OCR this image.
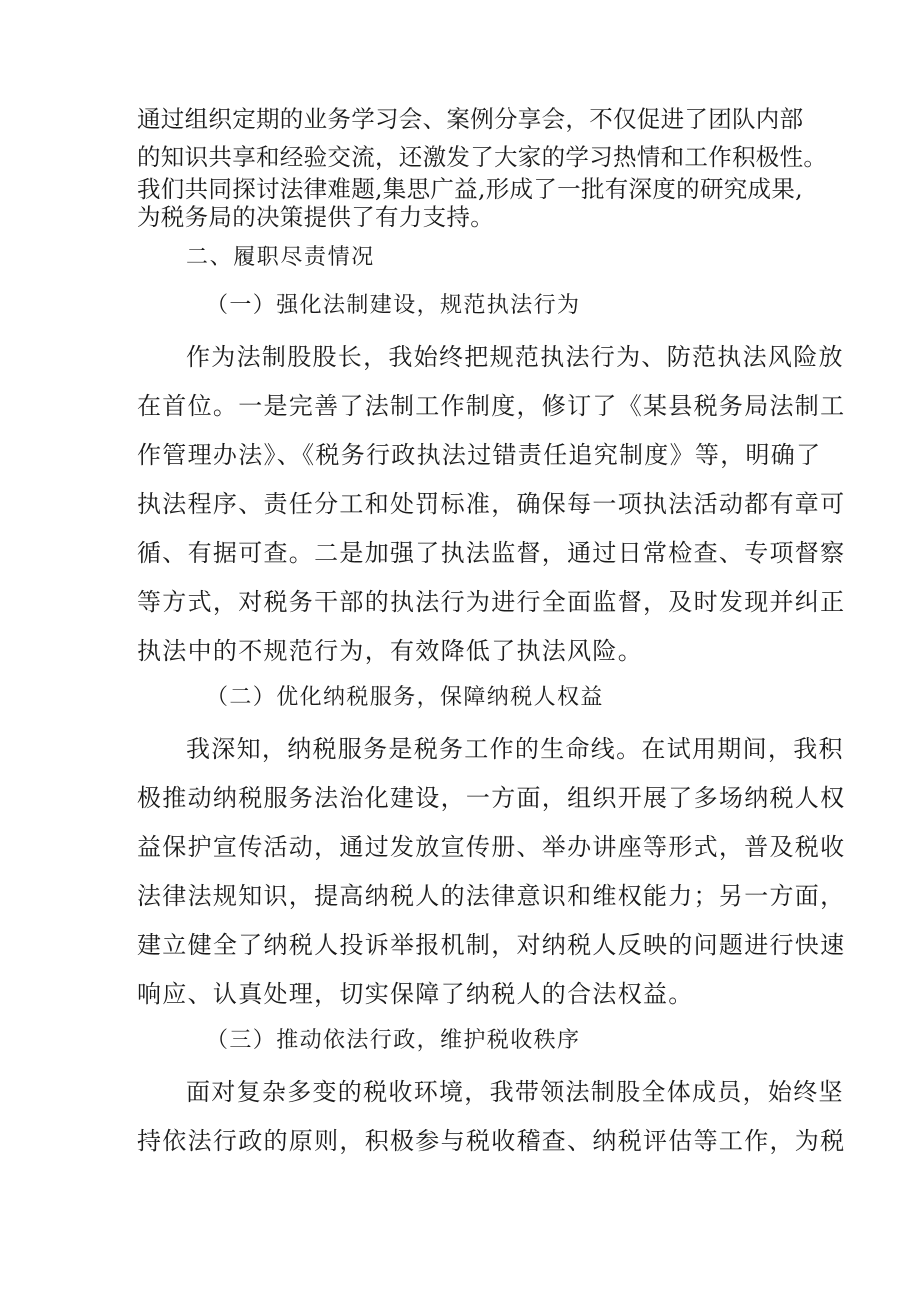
通过组织定期的业务学习会、案例分享会，不仅促进了团队内部

的知识共享和经验交流，还激发了大家的学习热情和工作积极性。

我们共同探讨法律难题,集思广益,形成了一批有深度的研究成果,

为税务局的决策提供了有力支持。

二、履职尽责情况

（一）强化法制建设，规范执法行为

作为法制股股长，我始终把规范执法行为、防范执法风险放

在首位。一是完善了法制工作制度，修订了《某县税务局法制工

作管理办法》、《税务行政执法过错责任追究制度》等，明确了

执法程序、责任分工和处罚标准，确保每一项执法活动都有章可

循、有据可查。二是加强了执法监督，通过日常检查、专项督察

等方式，对税务干部的执法行为进行全面监督，及时发现并纠正

执法中的不规范行为，有效降低了执法风险。

（二）优化纳税服务，保障纳税人权益

我深知，纳税服务是税务工作的生命线。在试用期间，我积

极推动纳税服务法治化建设，一方面，组织开展了多场纳税人权

益保护宣传活动，通过发放宣传册、举办讲座等形式，普及税收

法律法规知识，提高纳税人的法律意识和维权能力；另一方面，

建立健全了纳税人投诉举报机制，对纳税人反映的问题进行快速

响应、认真处理，切实保障了纳税人的合法权益。

（三）推动依法行政，维护税收秩序

面对复杂多变的税收环境，我带领法制股全体成员，始终坚

持依法行政的原则，积极参与税收稽查、纳税评估等工作，为税
